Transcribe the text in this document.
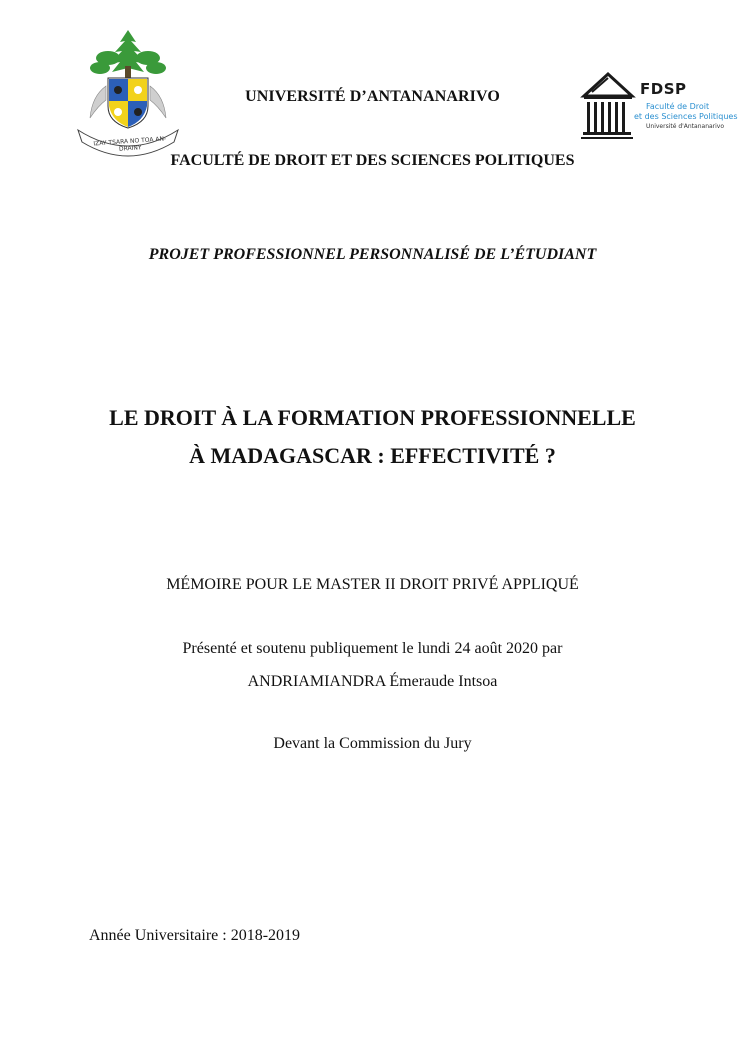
IZAY TSARA NO TOA AN-DRAINY
UNIVERSITÉ D’ANTANANARIVO	FDSP
Faculté de Droit
et des Sciences Politiques
Université d'Antananarivo
FACULTÉ DE DROIT ET DES SCIENCES POLITIQUES
PROJET PROFESSIONNEL PERSONNALISÉ DE L’ÉTUDIANT
LE DROIT À LA FORMATION PROFESSIONNELLE
À MADAGASCAR : EFFECTIVITÉ ?
MÉMOIRE POUR LE MASTER II DROIT PRIVÉ APPLIQUÉ
Présenté et soutenu publiquement le lundi 24 août 2020 par
ANDRIAMIANDRA Émeraude Intsoa
Devant la Commission du Jury
Année Universitaire : 2018-2019
